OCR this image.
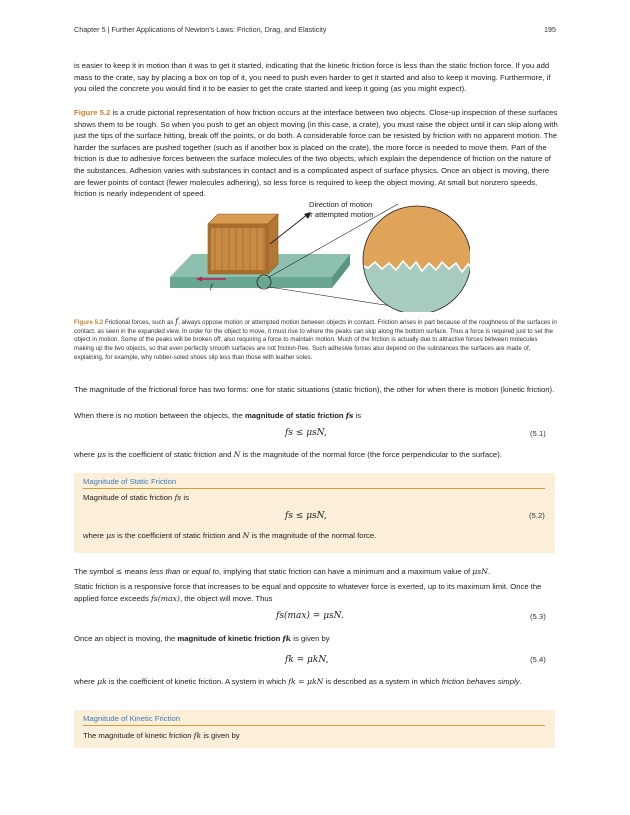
Chapter 5 | Further Applications of Newton's Laws: Friction, Drag, and Elasticity	195
is easier to keep it in motion than it was to get it started, indicating that the kinetic friction force is less than the static friction force. If you add mass to the crate, say by placing a box on top of it, you need to push even harder to get it started and also to keep it moving. Furthermore, if you oiled the concrete you would find it to be easier to get the crate started and keep it going (as you might expect).
Figure 5.2 is a crude pictorial representation of how friction occurs at the interface between two objects. Close-up inspection of these surfaces shows them to be rough. So when you push to get an object moving (in this case, a crate), you must raise the object until it can skip along with just the tips of the surface hitting, break off the points, or do both. A considerable force can be resisted by friction with no apparent motion. The harder the surfaces are pushed together (such as if another box is placed on the crate), the more force is needed to move them. Part of the friction is due to adhesive forces between the surface molecules of the two objects, which explain the dependence of friction on the nature of the substances. Adhesion varies with substances in contact and is a complicated aspect of surface physics. Once an object is moving, there are fewer points of contact (fewer molecules adhering), so less force is required to keep the object moving. At small but nonzero speeds, friction is nearly independent of speed.
f
Direction of motion
or attempted motion
Figure 5.2 Frictional forces, such as f, always oppose motion or attempted motion between objects in contact. Friction arises in part because of the roughness of the surfaces in contact, as seen in the expanded view. In order for the object to move, it must rise to where the peaks can skip along the bottom surface. Thus a force is required just to set the object in motion. Some of the peaks will be broken off, also requiring a force to maintain motion. Much of the friction is actually due to attractive forces between molecules making up the two objects, so that even perfectly smooth surfaces are not friction-free. Such adhesive forces also depend on the substances the surfaces are made of, explaining, for example, why rubber-soled shoes slip less than those with leather soles.
The magnitude of the frictional force has two forms: one for static situations (static friction), the other for when there is motion (kinetic friction).
When there is no motion between the objects, the magnitude of static friction fs is
fs ≤ μsN,	(5.1)
where μs is the coefficient of static friction and N is the magnitude of the normal force (the force perpendicular to the surface).
Magnitude of Static Friction
Magnitude of static friction fs is
fs ≤ μsN,	(5.2)
where μs is the coefficient of static friction and N is the magnitude of the normal force.
The symbol ≤ means less than or equal to, implying that static friction can have a minimum and a maximum value of μsN.
Static friction is a responsive force that increases to be equal and opposite to whatever force is exerted, up to its maximum limit. Once the applied force exceeds fs(max), the object will move. Thus
fs(max) = μsN.	(5.3)
Once an object is moving, the magnitude of kinetic friction fk is given by
fk = μkN,	(5.4)
where μk is the coefficient of kinetic friction. A system in which fk = μkN is described as a system in which friction behaves simply.
Magnitude of Kinetic Friction
The magnitude of kinetic friction fk is given by
